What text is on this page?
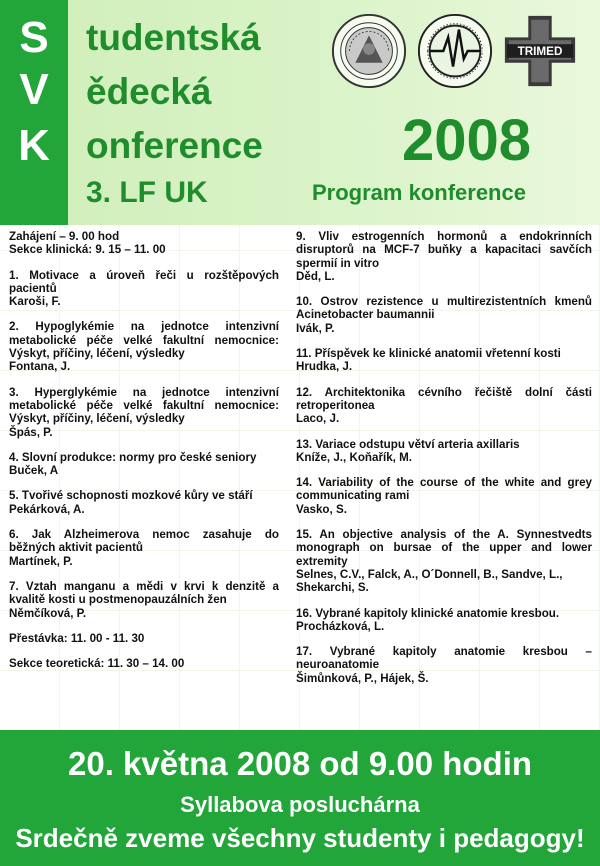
S
V
K
tudentská
ědecká
onference
3. LF UK
TRIMED
2008
Program konference
Zahájení – 9. 00 hod
Sekce klinická: 9. 15 – 11. 00
1. Motivace a úroveň řeči u rozštěpových pacientů
Karoši, F.
2. Hypoglykémie na jednotce intenzivní metabolické péče velké fakultní nemocnice: Výskyt, příčiny, léčení, výsledky
Fontana, J.
3. Hyperglykémie na jednotce intenzivní metabolické péče velké fakultní nemocnice: Výskyt, příčiny, léčení, výsledky
Špás, P.
4. Slovní produkce: normy pro české seniory
Buček, A
5. Tvořivé schopnosti mozkové kůry ve stáří
Pekárková, A.
6. Jak Alzheimerova nemoc zasahuje do běžných aktivit pacientů
Martínek, P.
7. Vztah manganu a mědi v krvi k denzitě a kvalitě kosti u postmenopauzálních žen
Němčíková, P.
Přestávka: 11. 00 - 11. 30
Sekce teoretická: 11. 30 – 14. 00
9. Vliv estrogenních hormonů a endokrinních disruptorů na MCF-7 buňky a kapacitaci savčích spermií in vitro
Děd, L.
10. Ostrov rezistence u multirezistentních kmenů Acinetobacter baumannii
Ivák, P.
11. Příspěvek ke klinické anatomii vřetenní kosti
Hrudka, J.
12. Architektonika cévního řečiště dolní části retroperitonea
Laco, J.
13. Variace odstupu větví arteria axillaris
Kníže, J., Koňařík, M.
14. Variability of the course of the white and grey communicating rami
Vasko, S.
15. An objective analysis of the A. Synnestvedts monograph on bursae of the upper and lower extremity
Selnes, C.V., Falck, A., O´Donnell, B., Sandve, L., Shekarchi, S.
16. Vybrané kapitoly klinické anatomie kresbou.
Procházková, L.
17. Vybrané kapitoly anatomie kresbou – neuroanatomie
Šimůnková, P., Hájek, Š.
20. května 2008 od 9.00 hodin
Syllabova posluchárna
Srdečně zveme všechny studenty i pedagogy!
